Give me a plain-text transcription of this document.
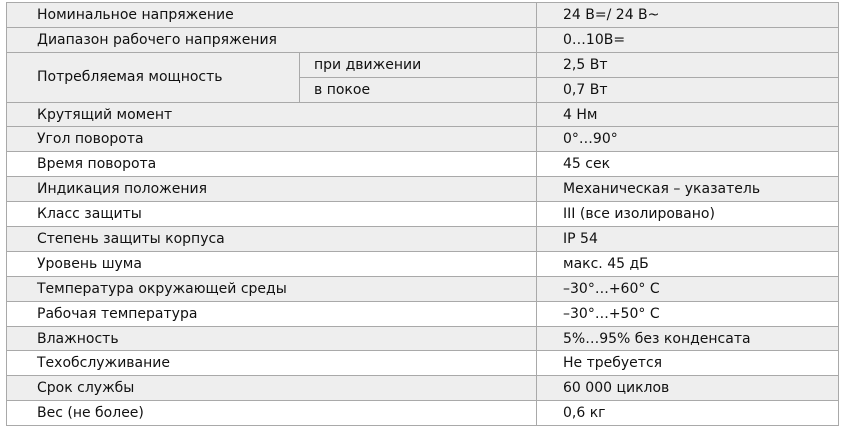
Номинальное напряжение		24 В=/ 24 В~
Диапазон рабочего напряжения		0…10В=
Потребляемая мощность	при движении	2,5 Вт
	в покое	0,7 Вт
Крутящий момент		4 Нм
Угол поворота		0°…90°
Время поворота		45 сек
Индикация положения		Механическая – указатель
Класс защиты		III (все изолировано)
Степень защиты корпуса		IP 54
Уровень шума		макс. 45 дБ
Температура окружающей среды		–30°…+60° C
Рабочая температура		–30°…+50° C
Влажность		5%…95% без конденсата
Техобслуживание		Не требуется
Срок службы		60 000 циклов
Вес (не более)		0,6 кг
